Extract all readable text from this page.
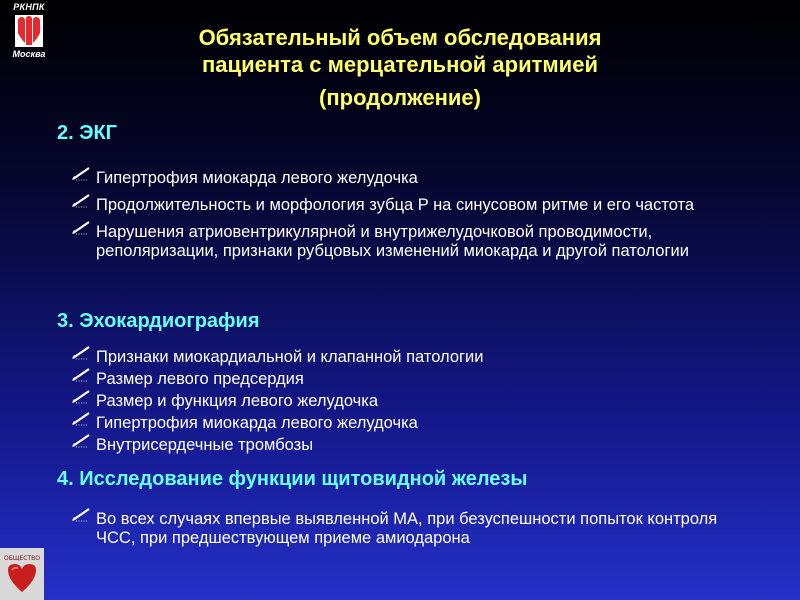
РКНПК
Москва
ОБЩЕСТВО
Обязательный объем обследования
пациента с мерцательной аритмией
(продолжение)
2. ЭКГ
Гипертрофия миокарда левого желудочка
Продолжительность и морфология зубца P на синусовом ритме и его частота
Нарушения атриовентрикулярной и внутрижелудочковой проводимости, реполяризации, признаки рубцовых изменений миокарда и другой патологии
3. Эхокардиография
Признаки миокардиальной и клапанной патологии
Размер левого предсердия
Размер и функция левого желудочка
Гипертрофия миокарда левого желудочка
Внутрисердечные тромбозы
4. Исследование функции щитовидной железы
Во всех случаях впервые выявленной МА, при безуспешности попыток контроля ЧСС, при предшествующем приеме амиодарона
